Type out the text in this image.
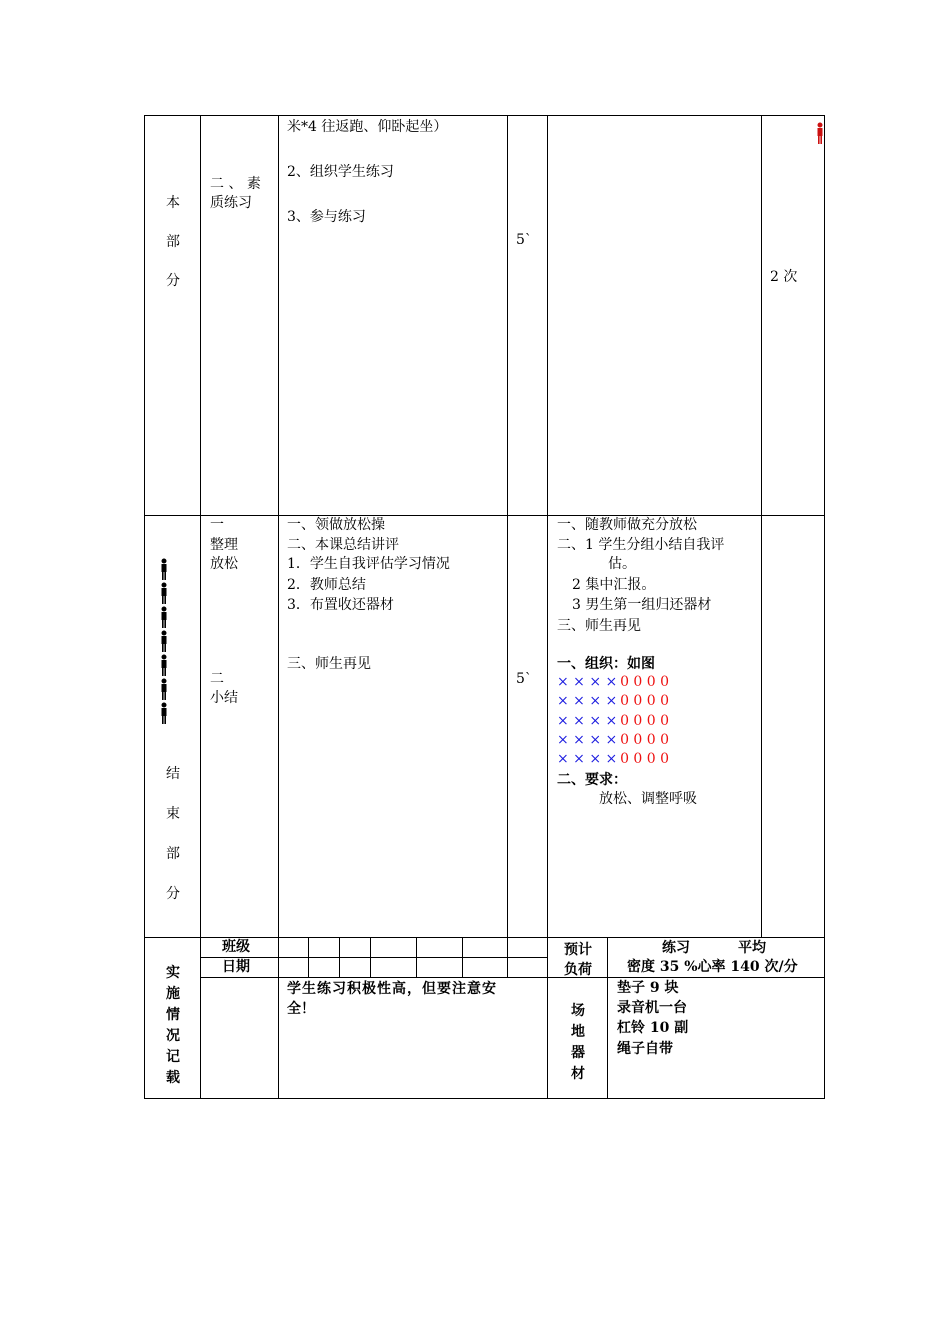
本
部
分
二 、 素
质练习
米*4 往返跑、仰卧起坐）
2、组织学生练习
3、参与练习
5`
2 次
结
束
部
分
一
整理
放松
二
小结
一、领做放松操
二、本课总结讲评
1．学生自我评估学习情况
2．教师总结
3．布置收还器材
三、师生再见
5`
一、随教师做充分放松
二、1 学生分组小结自我评
估。
2 集中汇报。
3 男生第一组归还器材
三、师生再见
一、组织：如图
× × × ×  0 0 0 0
× × × ×  0 0 0 0
× × × ×  0 0 0 0
× × × ×  0 0 0 0
× × × ×  0 0 0 0
二、要求：
放松、调整呼吸
实
施
情
况
记
载
班级
日期
学生练习积极性高，但要注意安
全！
预计
负荷
练习	平均
密度 35 %心率 140 次/分
场
地
器
材
垫子 9 块
录音机一台
杠铃 10 副
绳子自带
